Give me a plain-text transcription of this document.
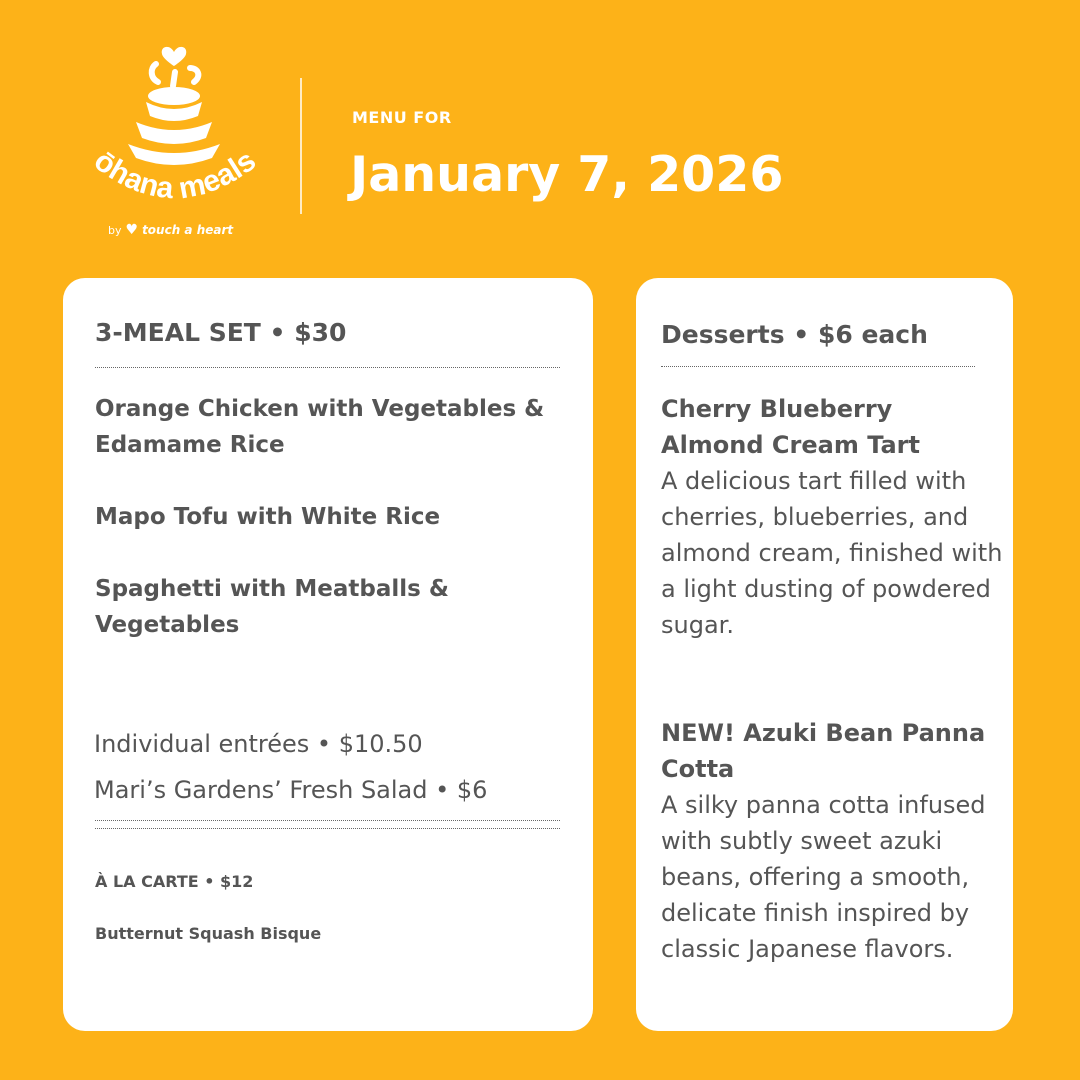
ōhana meals
by ♥ touch a heart
MENU FOR
January 7, 2026
3-MEAL SET • $30
Orange Chicken with Vegetables & Edamame Rice
Mapo Tofu with White Rice
Spaghetti with Meatballs & Vegetables
Individual entrées • $10.50
Mari’s Gardens’ Fresh Salad • $6
À LA CARTE • $12
Butternut Squash Bisque
Desserts • $6 each
Cherry Blueberry Almond Cream Tart
A delicious tart filled with cherries, blueberries, and almond cream, finished with a light dusting of powdered sugar.
NEW! Azuki Bean Panna Cotta
A silky panna cotta infused with subtly sweet azuki beans, offering a smooth, delicate finish inspired by classic Japanese flavors.
